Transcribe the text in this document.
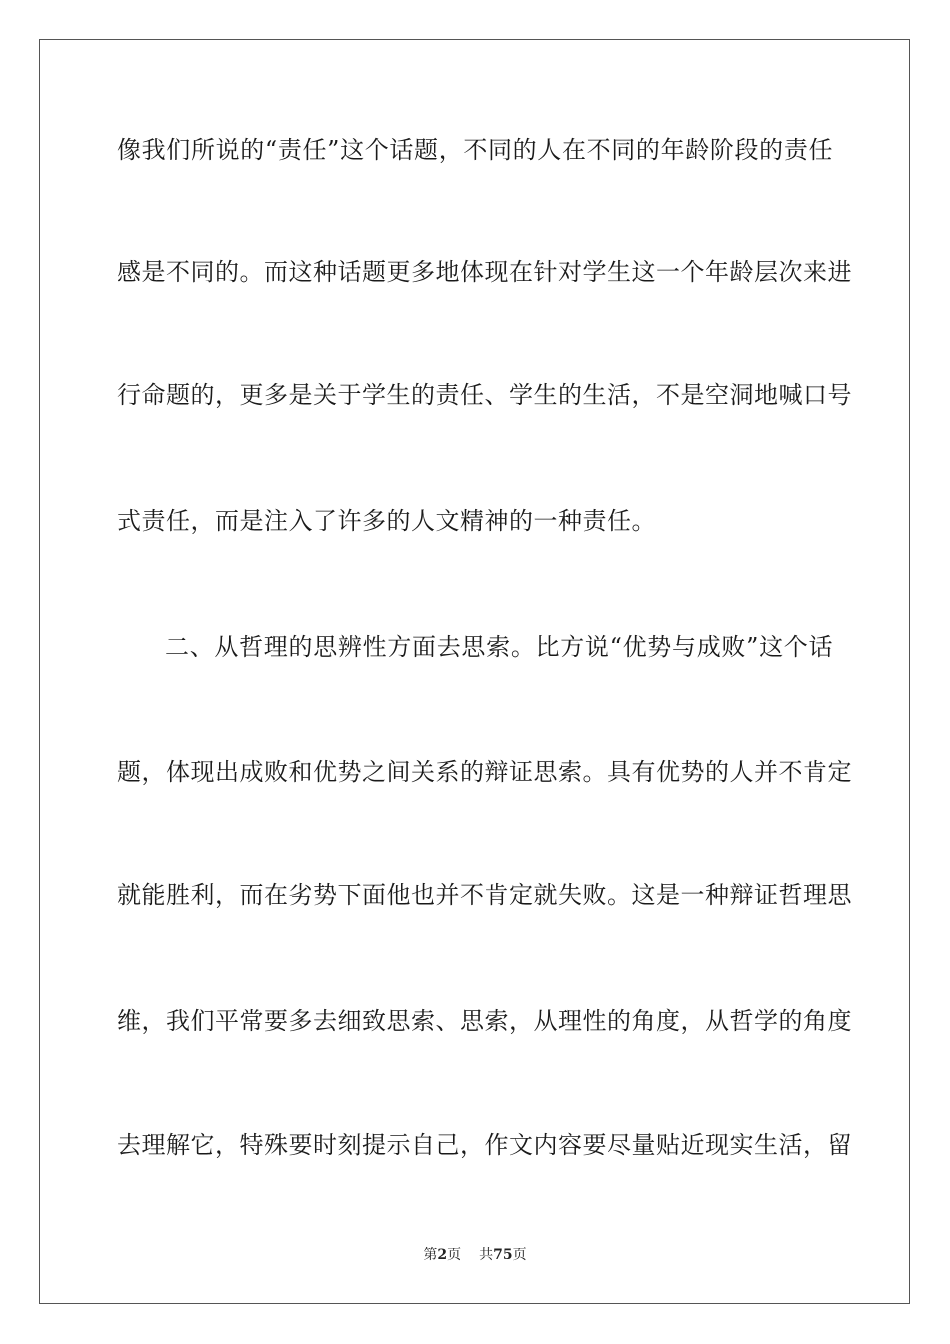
像我们所说的“责任”这个话题，不同的人在不同的年龄阶段的责任
感是不同的。而这种话题更多地体现在针对学生这一个年龄层次来进
行命题的，更多是关于学生的责任、学生的生活，不是空洞地喊口号
式责任，而是注入了许多的人文精神的一种责任。
二、从哲理的思辨性方面去思索。比方说“优势与成败”这个话
题，体现出成败和优势之间关系的辩证思索。具有优势的人并不肯定
就能胜利，而在劣势下面他也并不肯定就失败。这是一种辩证哲理思
维，我们平常要多去细致思索、思索，从理性的角度，从哲学的角度
去理解它，特殊要时刻提示自己，作文内容要尽量贴近现实生活，留
第2页 共75页
